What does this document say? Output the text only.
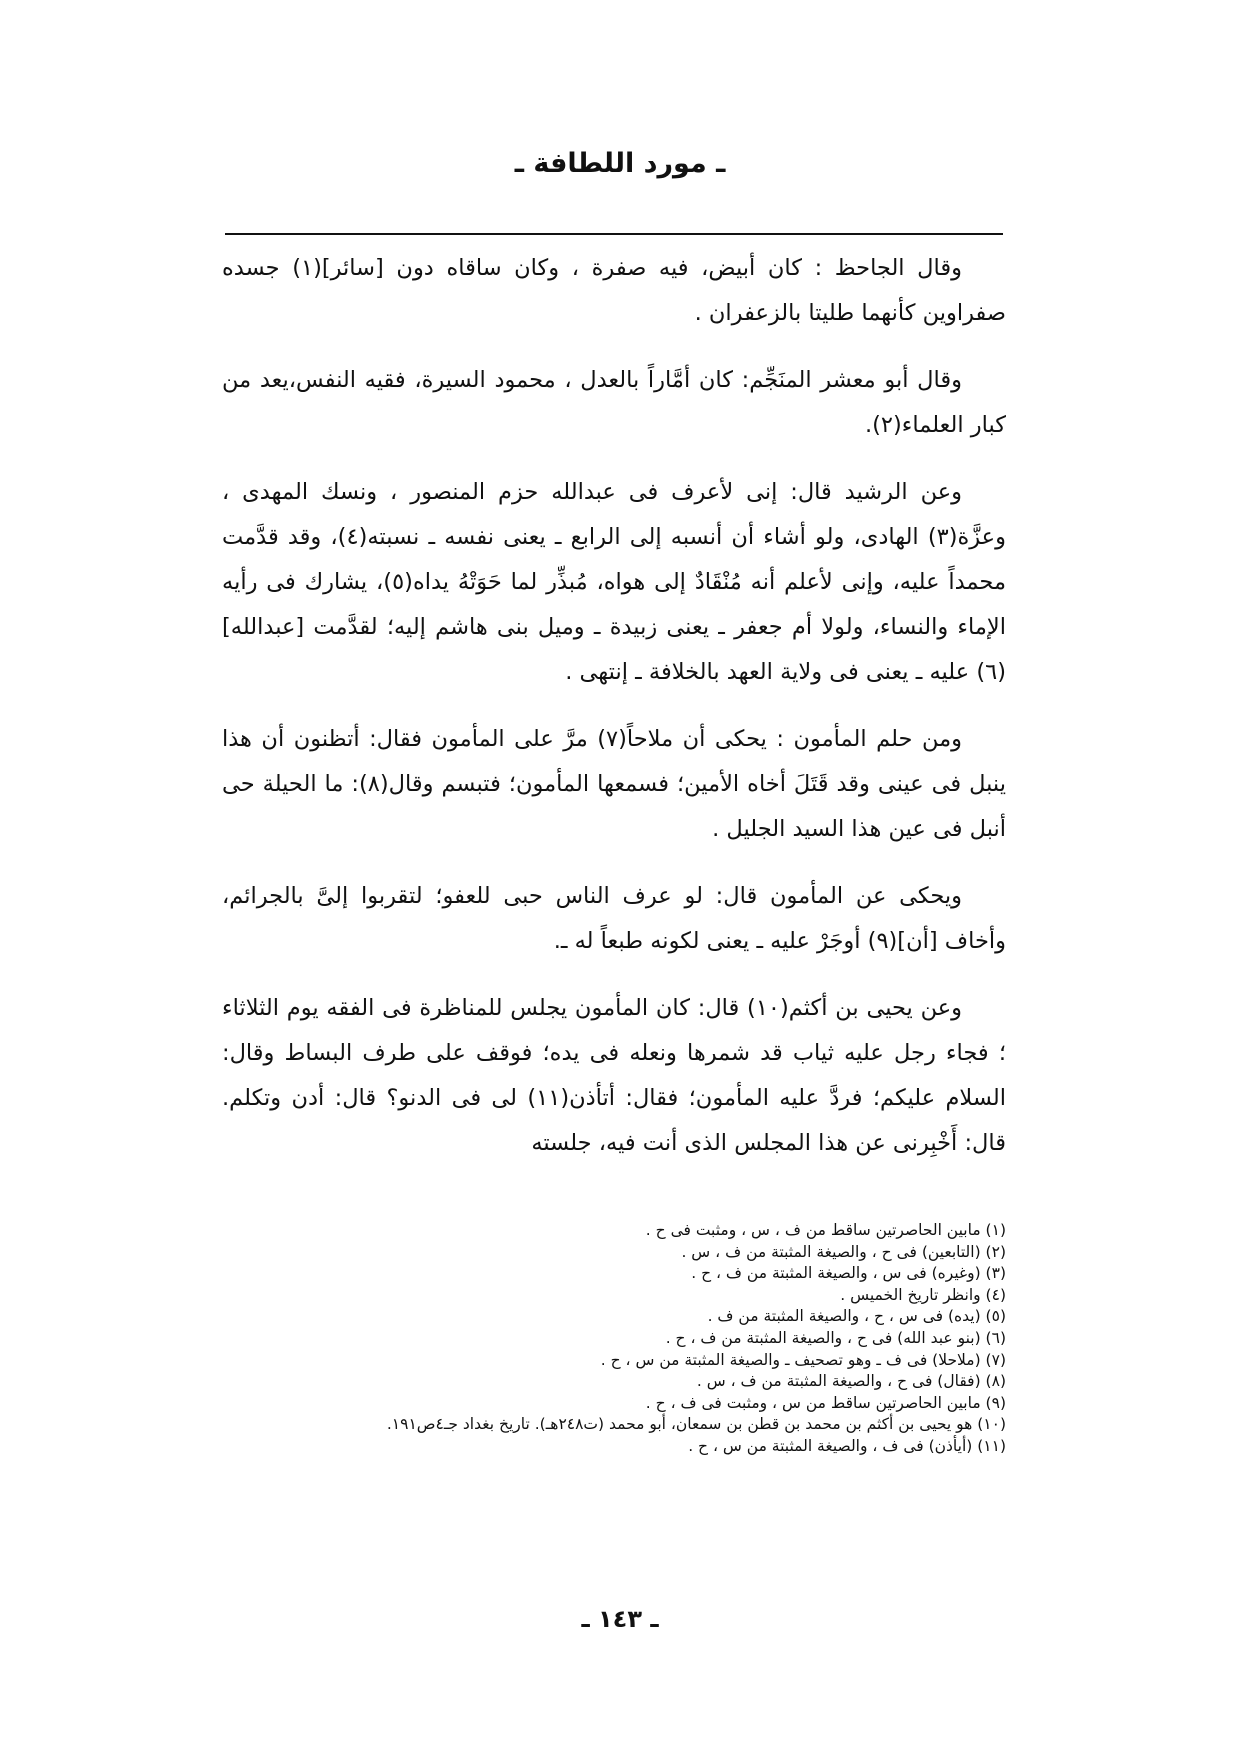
ـ مورد اللطافة ـ

وقال الجاحظ : كان أبيض، فيه صفرة ، وكان ساقاه دون [سائر](١) جسده صفراوين كأنهما طليتا بالزعفران .

وقال أبو معشر المنَجِّم: كان أمَّاراً بالعدل ، محمود السيرة، فقيه النفس،يعد من كبار العلماء(٢).

وعن الرشيد قال: إنى لأعرف فى عبدالله حزم المنصور ، ونسك المهدى ، وعزَّة(٣) الهادى، ولو أشاء أن أنسبه إلى الرابع ـ يعنى نفسه ـ نسبته(٤)، وقد قدَّمت محمداً عليه، وإنى لأعلم أنه مُنْقَادٌ إلى هواه، مُبذِّر لما حَوَتْهُ يداه(٥)، يشارك فى رأيه الإماء والنساء، ولولا أم جعفر ـ يعنى زبيدة ـ وميل بنى هاشم إليه؛ لقدَّمت [عبدالله](٦) عليه ـ يعنى فى ولاية العهد بالخلافة ـ إنتهى .

ومن حلم المأمون : يحكى أن ملاحاً(٧) مرَّ على المأمون فقال: أتظنون أن هذا ينبل فى عينى وقد قَتَلَ أخاه الأمين؛ فسمعها المأمون؛ فتبسم وقال(٨): ما الحيلة حى أنبل فى عين هذا السيد الجليل .

ويحكى عن المأمون قال: لو عرف الناس حبى للعفو؛ لتقربوا إلىَّ بالجرائم، وأخاف [أن](٩) أوجَرْ عليه ـ يعنى لكونه طبعاً له ـ.

وعن يحيى بن أكثم(١٠) قال: كان المأمون يجلس للمناظرة فى الفقه يوم الثلاثاء ؛ فجاء رجل عليه ثياب قد شمرها ونعله فى يده؛ فوقف على طرف البساط وقال: السلام عليكم؛ فردَّ عليه المأمون؛ فقال: أتأذن(١١) لى فى الدنو؟ قال: أدن وتكلم. قال: أَخْبِرنى عن هذا المجلس الذى أنت فيه، جلسته

(١) مابين الحاصرتين ساقط من ف ، س ، ومثبت فى ح .

(٢) (التابعين) فى ح ، والصيغة المثبتة من ف ، س .

(٣) (وغيره) فى س ، والصيغة المثبتة من ف ، ح .

(٤) وانظر تاريخ الخميس .

(٥) (يده) فى س ، ح ، والصيغة المثبتة من ف .

(٦) (بنو عبد الله) فى ح ، والصيغة المثبتة من ف ، ح .

(٧) (ملاحلا) فى ف ـ وهو تصحيف ـ والصيغة المثبتة من س ، ح .

(٨) (فقال) فى ح ، والصيغة المثبتة من ف ، س .

(٩) مابين الحاصرتين ساقط من س ، ومثبت فى ف ، ح .

(١٠) هو يحيى بن أكثم بن محمد بن قطن بن سمعان، أبو محمد (ت٢٤٨هـ). تاريخ بغداد جـ٤ص١٩١.

(١١) (أيأذن) فى ف ، والصيغة المثبتة من س ، ح .

ـ ١٤٣ ـ
